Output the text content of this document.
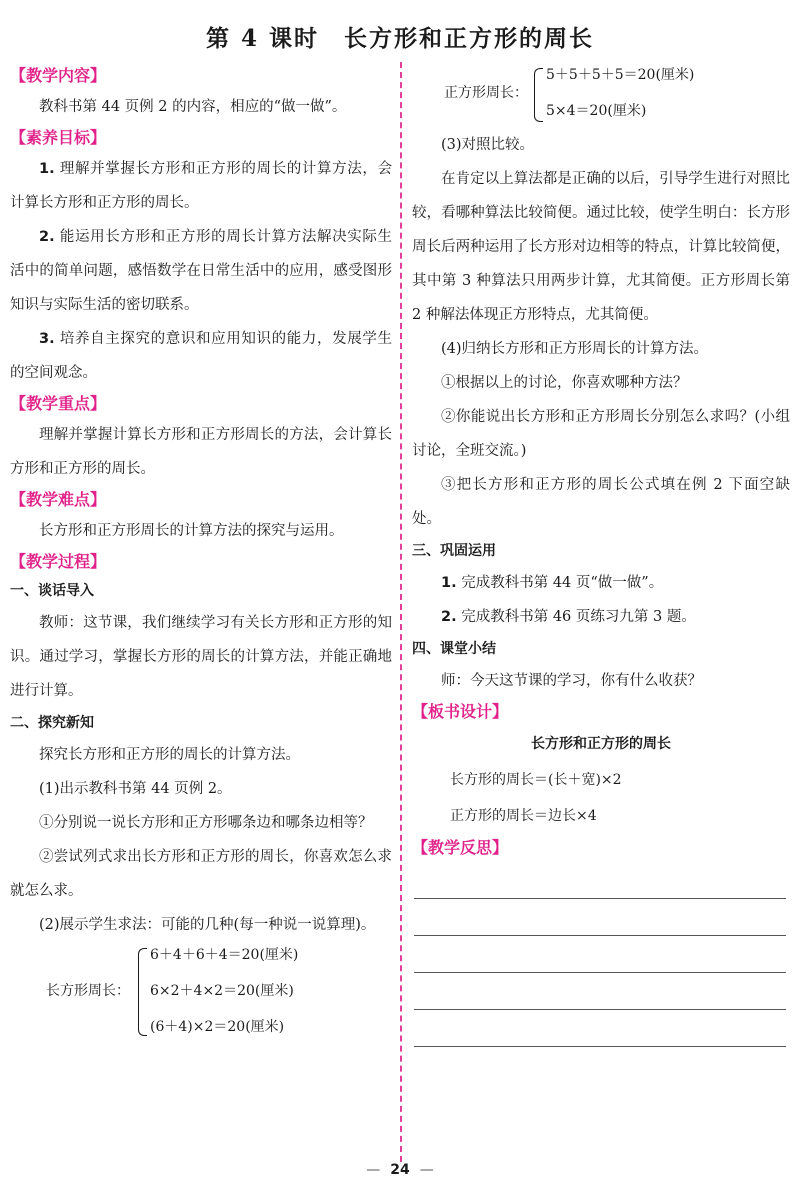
第 4 课时　长方形和正方形的周长

【教学内容】

教科书第 44 页例 2 的内容，相应的“做一做”。

【素养目标】

1. 理解并掌握长方形和正方形的周长的计算方法，会计算长方形和正方形的周长。

2. 能运用长方形和正方形的周长计算方法解决实际生活中的简单问题，感悟数学在日常生活中的应用，感受图形知识与实际生活的密切联系。

3. 培养自主探究的意识和应用知识的能力，发展学生的空间观念。

【教学重点】

理解并掌握计算长方形和正方形周长的方法，会计算长方形和正方形的周长。

【教学难点】

长方形和正方形周长的计算方法的探究与运用。

【教学过程】

一、谈话导入

教师：这节课，我们继续学习有关长方形和正方形的知识。通过学习，掌握长方形的周长的计算方法，并能正确地进行计算。

二、探究新知

探究长方形和正方形的周长的计算方法。

(1)出示教科书第 44 页例 2。

①分别说一说长方形和正方形哪条边和哪条边相等？

②尝试列式求出长方形和正方形的周长，你喜欢怎么求就怎么求。

(2)展示学生求法：可能的几种(每一种说一说算理)。

长方形周长：
6＋4＋6＋4＝20(厘米)
6×2＋4×2＝20(厘米)
(6＋4)×2＝20(厘米)
正方形周长：
5＋5＋5＋5＝20(厘米)
5×4＝20(厘米)

(3)对照比较。

在肯定以上算法都是正确的以后，引导学生进行对照比较，看哪种算法比较简便。通过比较，使学生明白：长方形周长后两种运用了长方形对边相等的特点，计算比较简便，其中第 3 种算法只用两步计算，尤其简便。正方形周长第 2 种解法体现正方形特点，尤其简便。

(4)归纳长方形和正方形周长的计算方法。

①根据以上的讨论，你喜欢哪种方法？

②你能说出长方形和正方形周长分别怎么求吗？(小组讨论，全班交流。)

③把长方形和正方形的周长公式填在例 2 下面空缺处。

三、巩固运用

1. 完成教科书第 44 页“做一做”。

2. 完成教科书第 46 页练习九第 3 题。

四、课堂小结

师：今天这节课的学习，你有什么收获？

【板书设计】

长方形和正方形的周长

长方形的周长＝(长＋宽)×2

正方形的周长＝边长×4

【教学反思】

— 24 —
